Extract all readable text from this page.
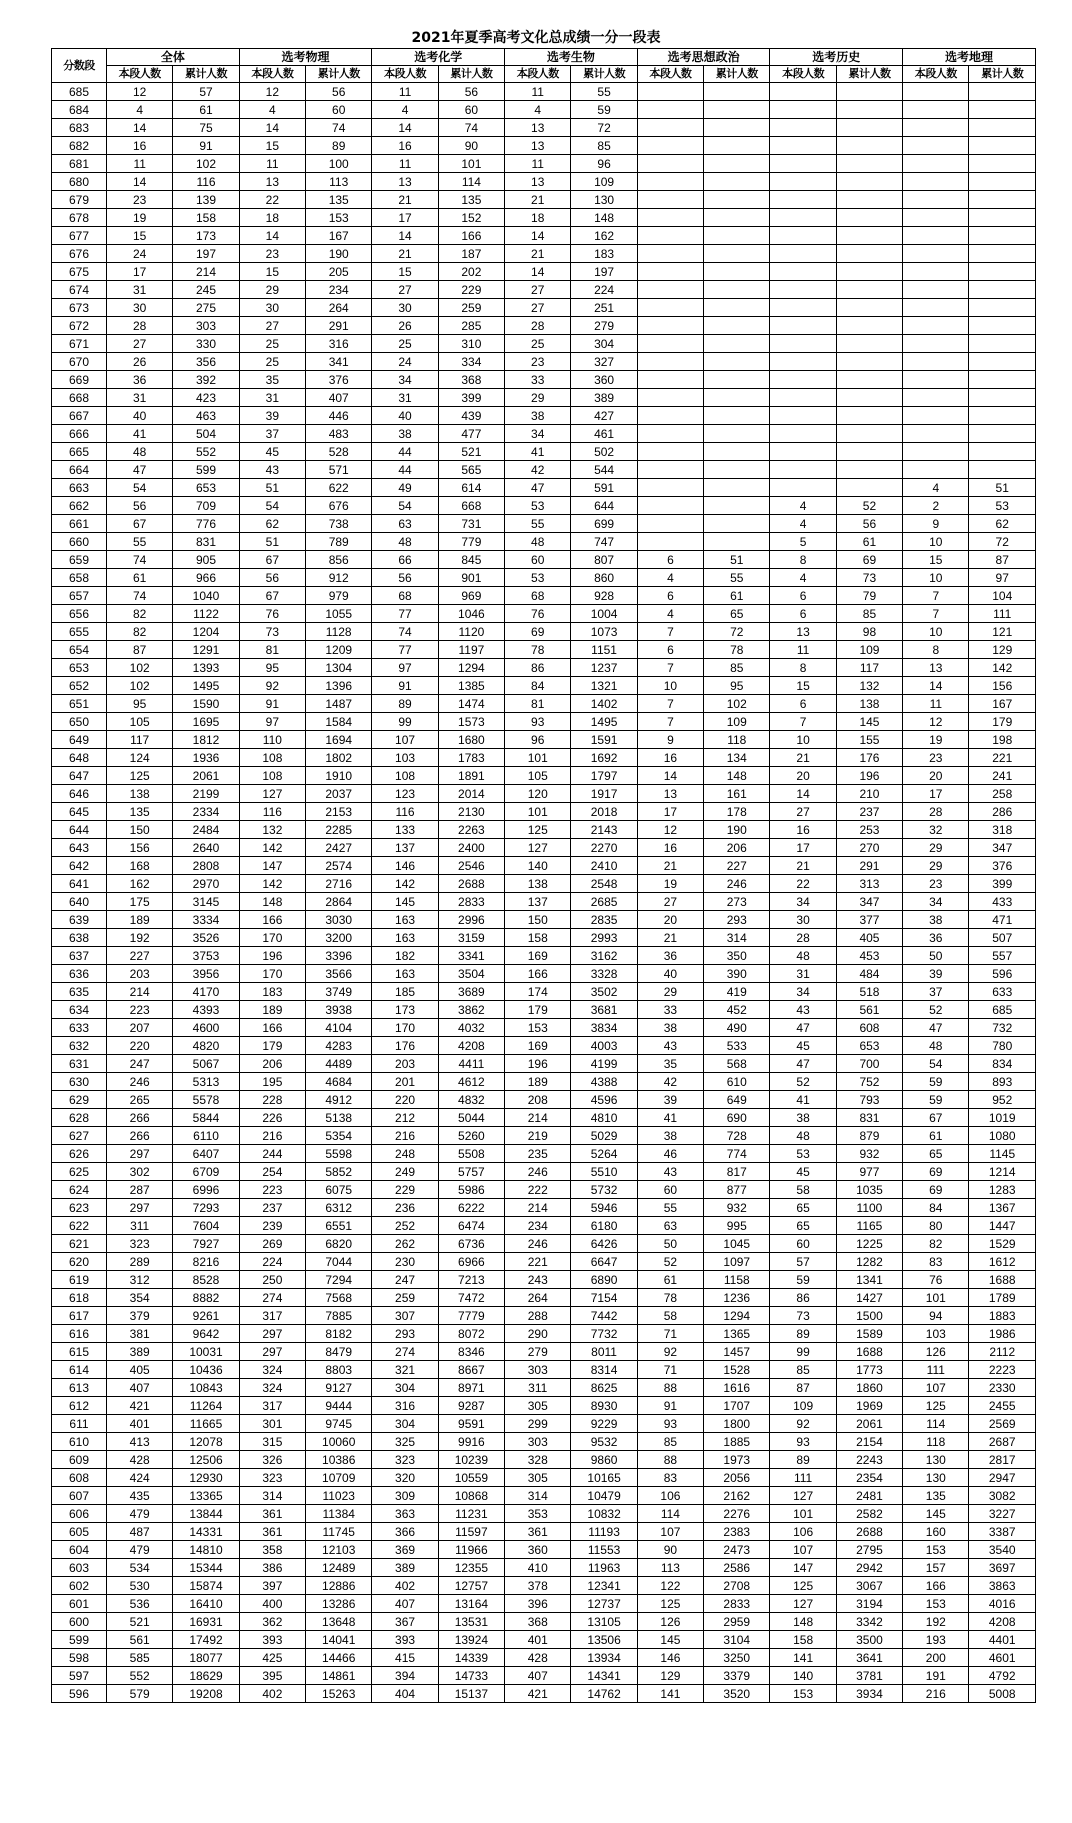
2021年夏季高考文化总成绩一分一段表
分数段	全体		选考物理		选考化学		选考生物		选考思想政治		选考历史		选考地理	
	本段人数	累计人数	本段人数	累计人数	本段人数	累计人数	本段人数	累计人数	本段人数	累计人数	本段人数	累计人数	本段人数	累计人数
685	12	57	12	56	11	56	11	55						
684	4	61	4	60	4	60	4	59						
683	14	75	14	74	14	74	13	72						
682	16	91	15	89	16	90	13	85						
681	11	102	11	100	11	101	11	96						
680	14	116	13	113	13	114	13	109						
679	23	139	22	135	21	135	21	130						
678	19	158	18	153	17	152	18	148						
677	15	173	14	167	14	166	14	162						
676	24	197	23	190	21	187	21	183						
675	17	214	15	205	15	202	14	197						
674	31	245	29	234	27	229	27	224						
673	30	275	30	264	30	259	27	251						
672	28	303	27	291	26	285	28	279						
671	27	330	25	316	25	310	25	304						
670	26	356	25	341	24	334	23	327						
669	36	392	35	376	34	368	33	360						
668	31	423	31	407	31	399	29	389						
667	40	463	39	446	40	439	38	427						
666	41	504	37	483	38	477	34	461						
665	48	552	45	528	44	521	41	502						
664	47	599	43	571	44	565	42	544						
663	54	653	51	622	49	614	47	591					4	51
662	56	709	54	676	54	668	53	644			4	52	2	53
661	67	776	62	738	63	731	55	699			4	56	9	62
660	55	831	51	789	48	779	48	747			5	61	10	72
659	74	905	67	856	66	845	60	807	6	51	8	69	15	87
658	61	966	56	912	56	901	53	860	4	55	4	73	10	97
657	74	1040	67	979	68	969	68	928	6	61	6	79	7	104
656	82	1122	76	1055	77	1046	76	1004	4	65	6	85	7	111
655	82	1204	73	1128	74	1120	69	1073	7	72	13	98	10	121
654	87	1291	81	1209	77	1197	78	1151	6	78	11	109	8	129
653	102	1393	95	1304	97	1294	86	1237	7	85	8	117	13	142
652	102	1495	92	1396	91	1385	84	1321	10	95	15	132	14	156
651	95	1590	91	1487	89	1474	81	1402	7	102	6	138	11	167
650	105	1695	97	1584	99	1573	93	1495	7	109	7	145	12	179
649	117	1812	110	1694	107	1680	96	1591	9	118	10	155	19	198
648	124	1936	108	1802	103	1783	101	1692	16	134	21	176	23	221
647	125	2061	108	1910	108	1891	105	1797	14	148	20	196	20	241
646	138	2199	127	2037	123	2014	120	1917	13	161	14	210	17	258
645	135	2334	116	2153	116	2130	101	2018	17	178	27	237	28	286
644	150	2484	132	2285	133	2263	125	2143	12	190	16	253	32	318
643	156	2640	142	2427	137	2400	127	2270	16	206	17	270	29	347
642	168	2808	147	2574	146	2546	140	2410	21	227	21	291	29	376
641	162	2970	142	2716	142	2688	138	2548	19	246	22	313	23	399
640	175	3145	148	2864	145	2833	137	2685	27	273	34	347	34	433
639	189	3334	166	3030	163	2996	150	2835	20	293	30	377	38	471
638	192	3526	170	3200	163	3159	158	2993	21	314	28	405	36	507
637	227	3753	196	3396	182	3341	169	3162	36	350	48	453	50	557
636	203	3956	170	3566	163	3504	166	3328	40	390	31	484	39	596
635	214	4170	183	3749	185	3689	174	3502	29	419	34	518	37	633
634	223	4393	189	3938	173	3862	179	3681	33	452	43	561	52	685
633	207	4600	166	4104	170	4032	153	3834	38	490	47	608	47	732
632	220	4820	179	4283	176	4208	169	4003	43	533	45	653	48	780
631	247	5067	206	4489	203	4411	196	4199	35	568	47	700	54	834
630	246	5313	195	4684	201	4612	189	4388	42	610	52	752	59	893
629	265	5578	228	4912	220	4832	208	4596	39	649	41	793	59	952
628	266	5844	226	5138	212	5044	214	4810	41	690	38	831	67	1019
627	266	6110	216	5354	216	5260	219	5029	38	728	48	879	61	1080
626	297	6407	244	5598	248	5508	235	5264	46	774	53	932	65	1145
625	302	6709	254	5852	249	5757	246	5510	43	817	45	977	69	1214
624	287	6996	223	6075	229	5986	222	5732	60	877	58	1035	69	1283
623	297	7293	237	6312	236	6222	214	5946	55	932	65	1100	84	1367
622	311	7604	239	6551	252	6474	234	6180	63	995	65	1165	80	1447
621	323	7927	269	6820	262	6736	246	6426	50	1045	60	1225	82	1529
620	289	8216	224	7044	230	6966	221	6647	52	1097	57	1282	83	1612
619	312	8528	250	7294	247	7213	243	6890	61	1158	59	1341	76	1688
618	354	8882	274	7568	259	7472	264	7154	78	1236	86	1427	101	1789
617	379	9261	317	7885	307	7779	288	7442	58	1294	73	1500	94	1883
616	381	9642	297	8182	293	8072	290	7732	71	1365	89	1589	103	1986
615	389	10031	297	8479	274	8346	279	8011	92	1457	99	1688	126	2112
614	405	10436	324	8803	321	8667	303	8314	71	1528	85	1773	111	2223
613	407	10843	324	9127	304	8971	311	8625	88	1616	87	1860	107	2330
612	421	11264	317	9444	316	9287	305	8930	91	1707	109	1969	125	2455
611	401	11665	301	9745	304	9591	299	9229	93	1800	92	2061	114	2569
610	413	12078	315	10060	325	9916	303	9532	85	1885	93	2154	118	2687
609	428	12506	326	10386	323	10239	328	9860	88	1973	89	2243	130	2817
608	424	12930	323	10709	320	10559	305	10165	83	2056	111	2354	130	2947
607	435	13365	314	11023	309	10868	314	10479	106	2162	127	2481	135	3082
606	479	13844	361	11384	363	11231	353	10832	114	2276	101	2582	145	3227
605	487	14331	361	11745	366	11597	361	11193	107	2383	106	2688	160	3387
604	479	14810	358	12103	369	11966	360	11553	90	2473	107	2795	153	3540
603	534	15344	386	12489	389	12355	410	11963	113	2586	147	2942	157	3697
602	530	15874	397	12886	402	12757	378	12341	122	2708	125	3067	166	3863
601	536	16410	400	13286	407	13164	396	12737	125	2833	127	3194	153	4016
600	521	16931	362	13648	367	13531	368	13105	126	2959	148	3342	192	4208
599	561	17492	393	14041	393	13924	401	13506	145	3104	158	3500	193	4401
598	585	18077	425	14466	415	14339	428	13934	146	3250	141	3641	200	4601
597	552	18629	395	14861	394	14733	407	14341	129	3379	140	3781	191	4792
596	579	19208	402	15263	404	15137	421	14762	141	3520	153	3934	216	5008
